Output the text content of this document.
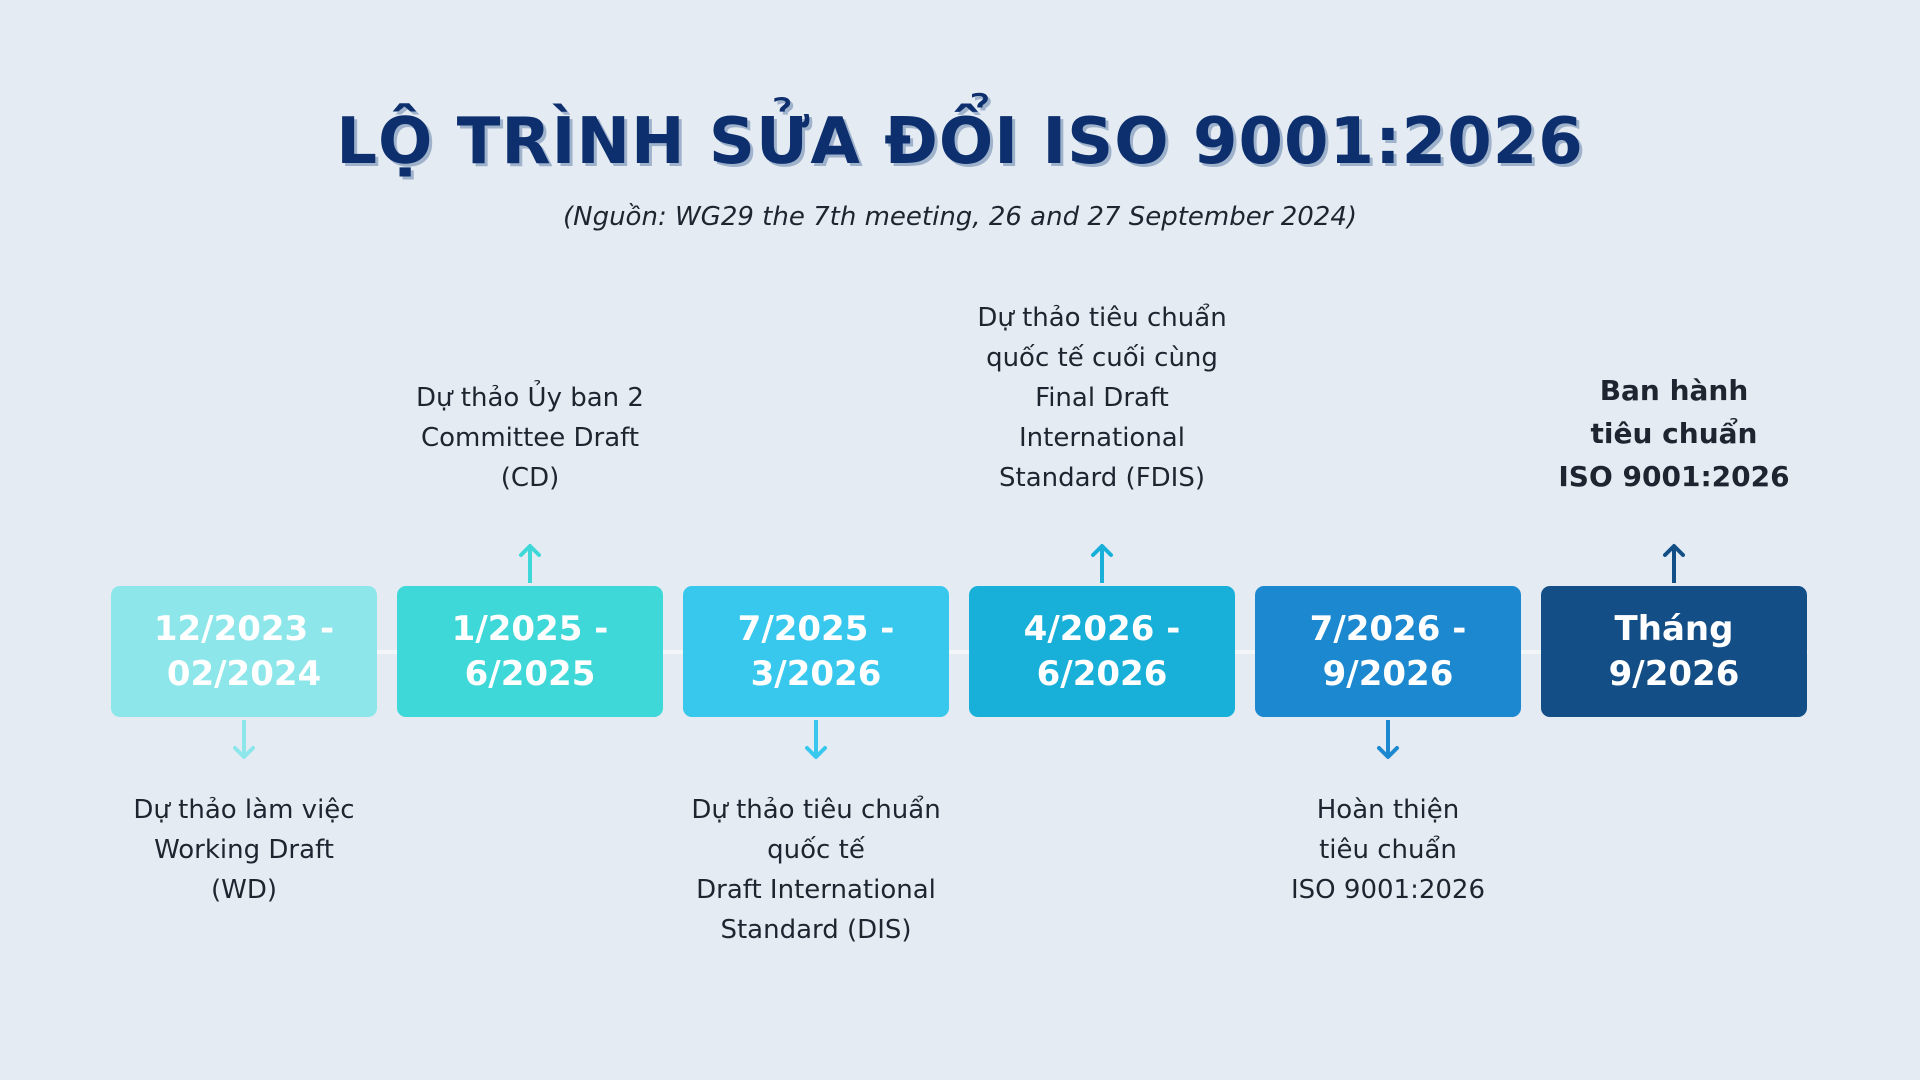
LỘ TRÌNH SỬA ĐỔI ISO 9001:2026
(Nguồn: WG29 the 7th meeting, 26 and 27 September 2024)
12/2023 -
02/2024
Dự thảo làm việc
Working Draft
(WD)
1/2025 -
6/2025
Dự thảo Ủy ban 2
Committee Draft
(CD)
7/2025 -
3/2026
Dự thảo tiêu chuẩn
quốc tế
Draft International
Standard (DIS)
4/2026 -
6/2026
Dự thảo tiêu chuẩn
quốc tế cuối cùng
Final Draft
International
Standard (FDIS)
7/2026 -
9/2026
Hoàn thiện
tiêu chuẩn
ISO 9001:2026
Tháng
9/2026
Ban hành
tiêu chuẩn
ISO 9001:2026
